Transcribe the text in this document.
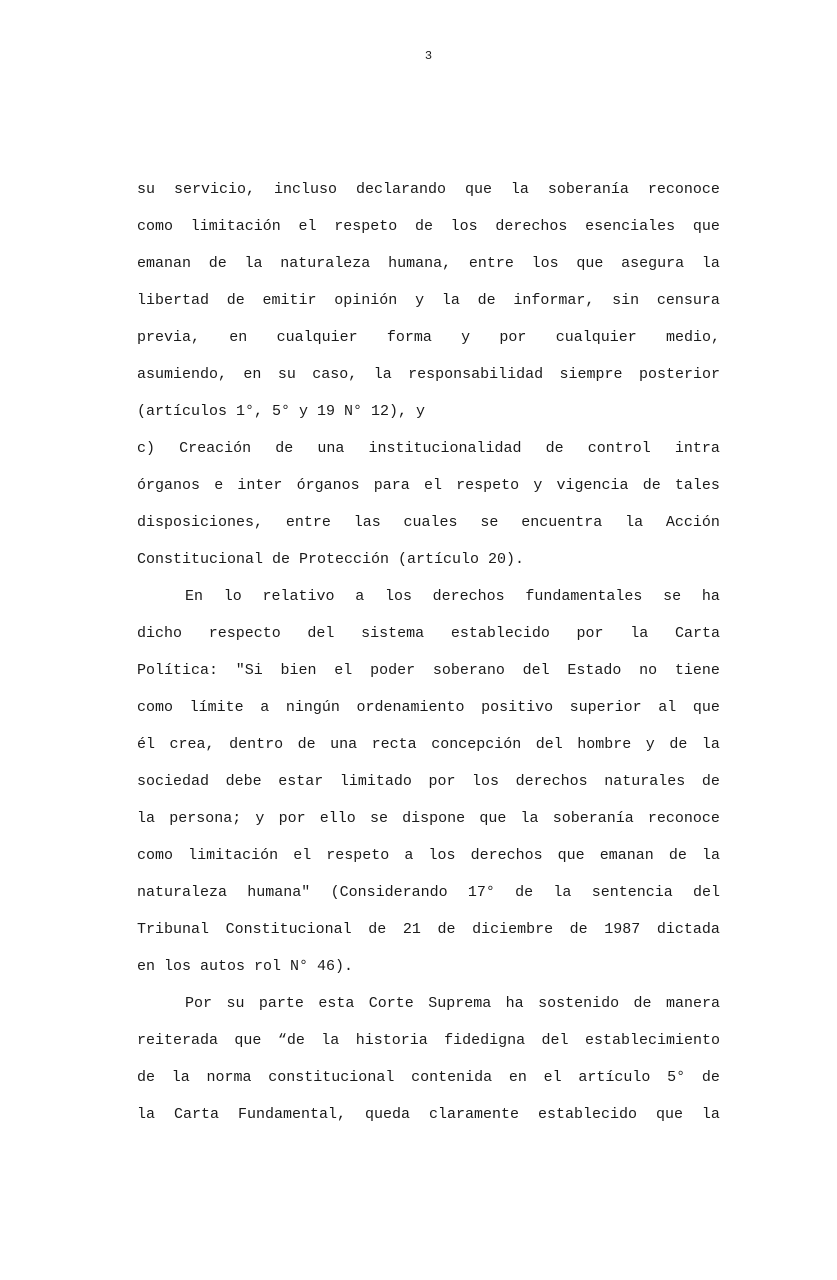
3
su servicio, incluso declarando que la soberanía reconoce
como limitación el respeto de los derechos esenciales que
emanan de la naturaleza humana, entre los que asegura la
libertad de emitir opinión y la de informar, sin censura
previa, en cualquier forma y por cualquier medio,
asumiendo, en su caso, la responsabilidad siempre posterior
(artículos 1°, 5° y 19 N° 12), y
c) Creación de una institucionalidad de control intra
órganos e inter órganos para el respeto y vigencia de tales
disposiciones, entre las cuales se encuentra la Acción
Constitucional de Protección (artículo 20).
En lo relativo a los derechos fundamentales se ha
dicho respecto del sistema establecido por la Carta
Política: "Si bien el poder soberano del Estado no tiene
como límite a ningún ordenamiento positivo superior al que
él crea, dentro de una recta concepción del hombre y de la
sociedad debe estar limitado por los derechos naturales de
la persona; y por ello se dispone que la soberanía reconoce
como limitación el respeto a los derechos que emanan de la
naturaleza humana" (Considerando 17° de la sentencia del
Tribunal Constitucional de 21 de diciembre de 1987 dictada
en los autos rol N° 46).
Por su parte esta Corte Suprema ha sostenido de manera
reiterada que “de la historia fidedigna del establecimiento
de la norma constitucional contenida en el artículo 5° de
la Carta Fundamental, queda claramente establecido que la
